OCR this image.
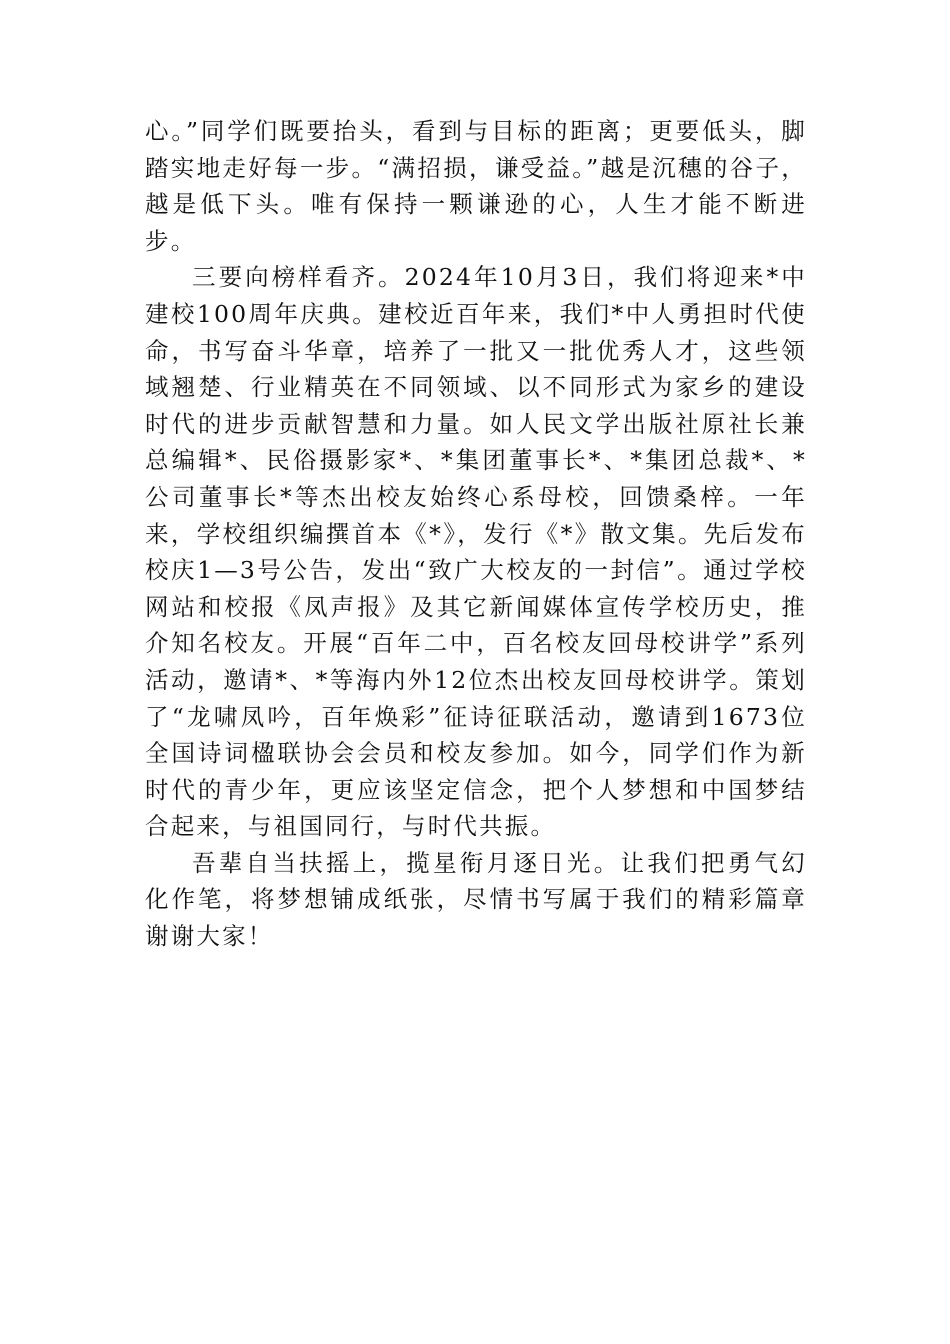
心。”同学们既要抬头，看到与目标的距离；更要低头，脚踏实地走好每一步。“满招损，谦受益。”越是沉穗的谷子，越是低下头。唯有保持一颗谦逊的心，人生才能不断进步。

三要向榜样看齐。2024年10月3日，我们将迎来*中建校100周年庆典。建校近百年来，我们*中人勇担时代使命，书写奋斗华章，培养了一批又一批优秀人才，这些领域翘楚、行业精英在不同领域、以不同形式为家乡的建设时代的进步贡献智慧和力量。如人民文学出版社原社长兼总编辑*、民俗摄影家*、*集团董事长*、*集团总裁*、*公司董事长*等杰出校友始终心系母校，回馈桑梓。一年来，学校组织编撰首本《*》，发行《*》散文集。先后发布校庆1—3号公告，发出“致广大校友的一封信”。通过学校网站和校报《凤声报》及其它新闻媒体宣传学校历史，推介知名校友。开展“百年二中，百名校友回母校讲学”系列活动，邀请*、*等海内外12位杰出校友回母校讲学。策划了“龙啸凤吟，百年焕彩”征诗征联活动，邀请到1673位全国诗词楹联协会会员和校友参加。如今，同学们作为新时代的青少年，更应该坚定信念，把个人梦想和中国梦结合起来，与祖国同行，与时代共振。

吾辈自当扶摇上，揽星衔月逐日光。让我们把勇气幻化作笔，将梦想铺成纸张，尽情书写属于我们的精彩篇章谢谢大家！
